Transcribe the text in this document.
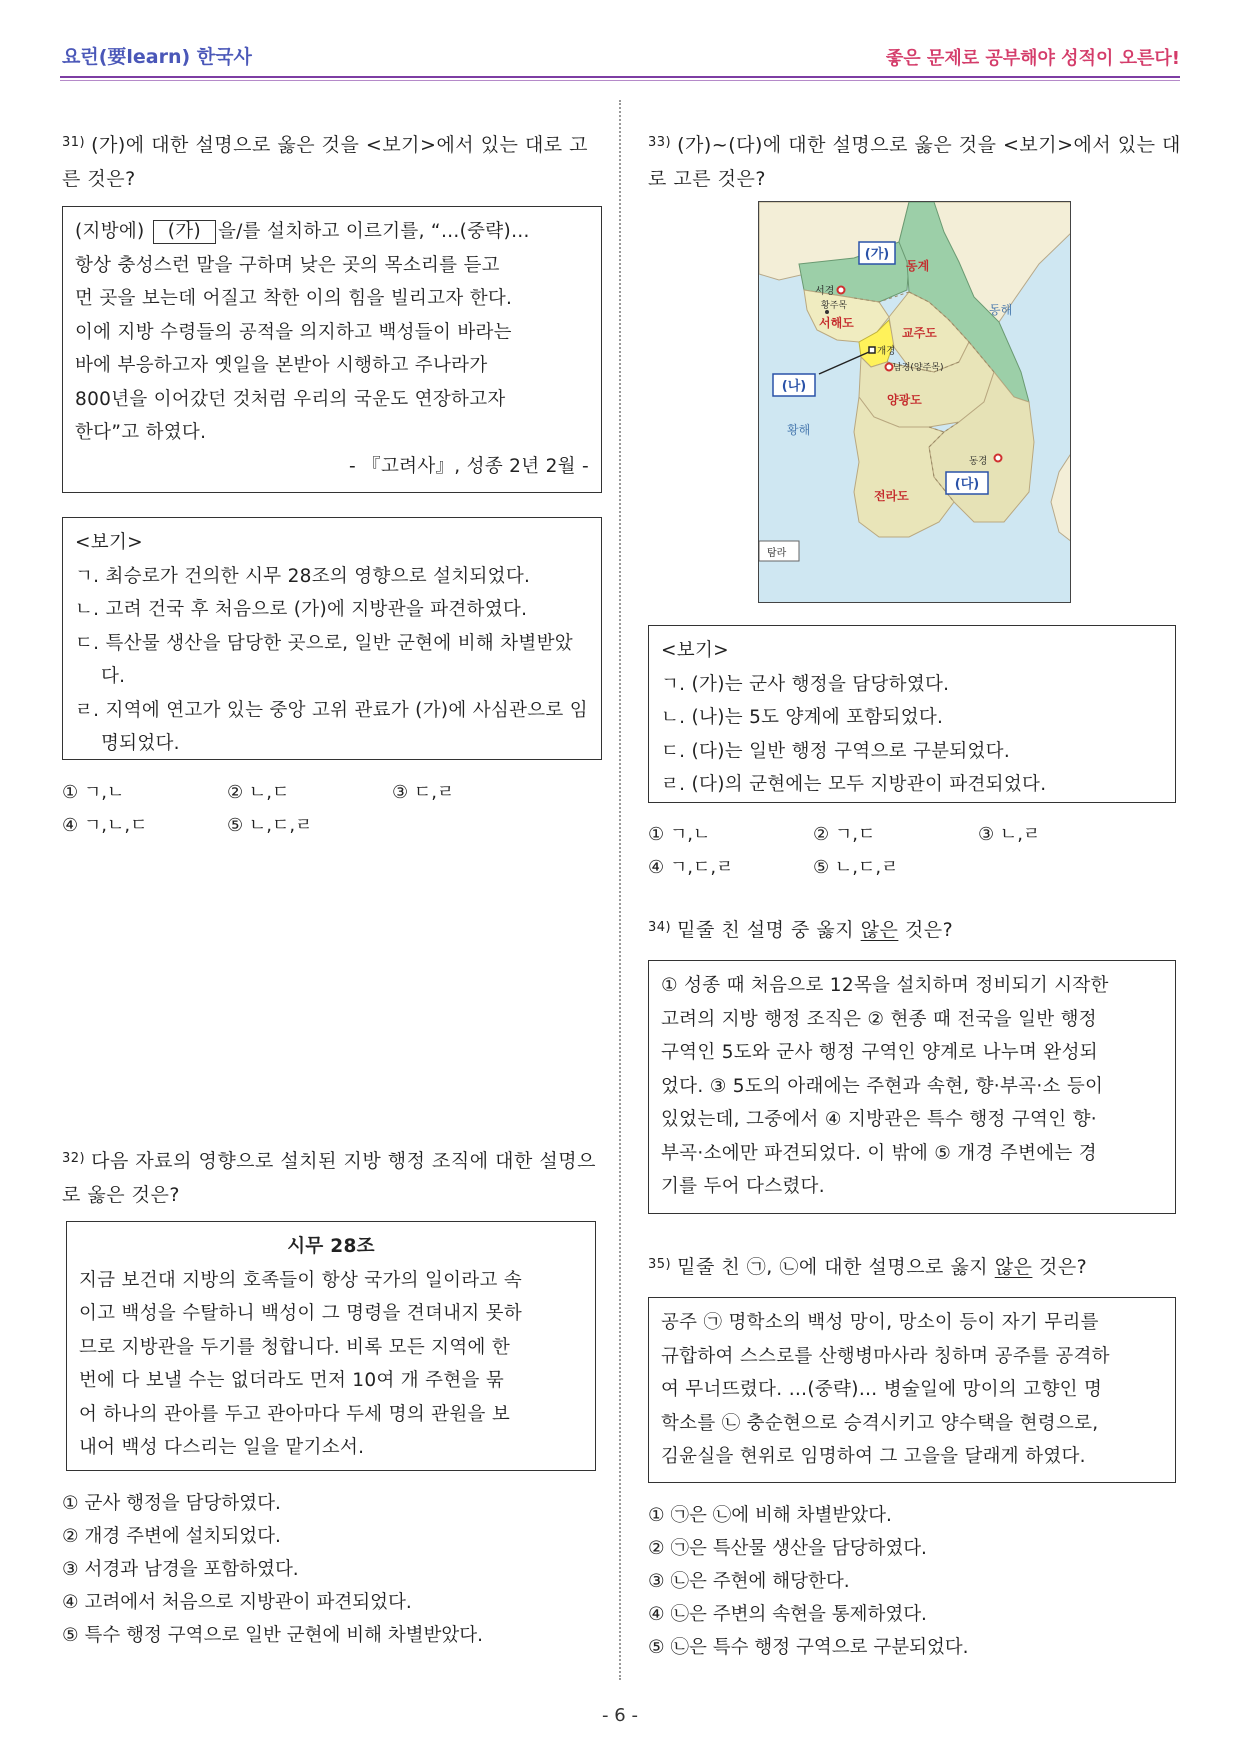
요런(要learn) 한국사	좋은 문제로 공부해야 성적이 오른다!
$^{31)}$ (가)에 대한 설명으로 옳은 것을 <보기>에서 있는 대로 고른 것은?

(지방에) (가) 을/를 설치하고 이르기를, “…(중략)…

항상 충성스런 말을 구하며 낮은 곳의 목소리를 듣고

먼 곳을 보는데 어질고 착한 이의 힘을 빌리고자 한다.

이에 지방 수령들의 공적을 의지하고 백성들이 바라는

바에 부응하고자 옛일을 본받아 시행하고 주나라가

800년을 이어갔던 것처럼 우리의 국운도 연장하고자

한다”고 하였다.

- 『고려사』, 성종 2년 2월 -

<보기>

ㄱ. 최승로가 건의한 시무 28조의 영향으로 설치되었다.

ㄴ. 고려 건국 후 처음으로 (가)에 지방관을 파견하였다.

ㄷ. 특산물 생산을 담당한 곳으로, 일반 군현에 비해 차별받았다.

ㄹ. 지역에 연고가 있는 중앙 고위 관료가 (가)에 사심관으로 임명되었다.

① ㄱ,ㄴ	② ㄴ,ㄷ	③ ㄷ,ㄹ
④ ㄱ,ㄴ,ㄷ	⑤ ㄴ,ㄷ,ㄹ
$^{32)}$ 다음 자료의 영향으로 설치된 지방 행정 조직에 대한 설명으로 옳은 것은?

시무 28조

지금 보건대 지방의 호족들이 항상 국가의 일이라고 속

이고 백성을 수탈하니 백성이 그 명령을 견뎌내지 못하

므로 지방관을 두기를 청합니다. 비록 모든 지역에 한

번에 다 보낼 수는 없더라도 먼저 10여 개 주현을 묶

어 하나의 관아를 두고 관아마다 두세 명의 관원을 보

내어 백성 다스리는 일을 맡기소서.

① 군사 행정을 담당하였다.
② 개경 주변에 설치되었다.
③ 서경과 남경을 포함하였다.
④ 고려에서 처음으로 지방관이 파견되었다.
⑤ 특수 행정 구역으로 일반 군현에 비해 차별받았다.
$^{33)}$ (가)~(다)에 대한 설명으로 옳은 것을 <보기>에서 있는 대로 고른 것은?
(가)
동계
서경
황주목
서해도
교주도
개경
남경(양주목)
양광도
전라도
동경
동해
황해
(나)
(다)
탐라

<보기>

ㄱ. (가)는 군사 행정을 담당하였다.

ㄴ. (나)는 5도 양계에 포함되었다.

ㄷ. (다)는 일반 행정 구역으로 구분되었다.

ㄹ. (다)의 군현에는 모두 지방관이 파견되었다.

① ㄱ,ㄴ	② ㄱ,ㄷ	③ ㄴ,ㄹ
④ ㄱ,ㄷ,ㄹ	⑤ ㄴ,ㄷ,ㄹ
$^{34)}$ 밑줄 친 설명 중 옳지 않은 것은?

① 성종 때 처음으로 12목을 설치하며 정비되기 시작한

고려의 지방 행정 조직은 ② 현종 때 전국을 일반 행정

구역인 5도와 군사 행정 구역인 양계로 나누며 완성되

었다. ③ 5도의 아래에는 주현과 속현, 향·부곡·소 등이

있었는데, 그중에서 ④ 지방관은 특수 행정 구역인 향·

부곡·소에만 파견되었다. 이 밖에 ⑤ 개경 주변에는 경

기를 두어 다스렸다.

$^{35)}$ 밑줄 친 ㉠, ㉡에 대한 설명으로 옳지 않은 것은?

공주 ㉠ 명학소의 백성 망이, 망소이 등이 자기 무리를

규합하여 스스로를 산행병마사라 칭하며 공주를 공격하

여 무너뜨렸다. …(중략)… 병술일에 망이의 고향인 명

학소를 ㉡ 충순현으로 승격시키고 양수택을 현령으로,

김윤실을 현위로 임명하여 그 고을을 달래게 하였다.

① ㉠은 ㉡에 비해 차별받았다.
② ㉠은 특산물 생산을 담당하였다.
③ ㉡은 주현에 해당한다.
④ ㉡은 주변의 속현을 통제하였다.
⑤ ㉡은 특수 행정 구역으로 구분되었다.
- 6 -
